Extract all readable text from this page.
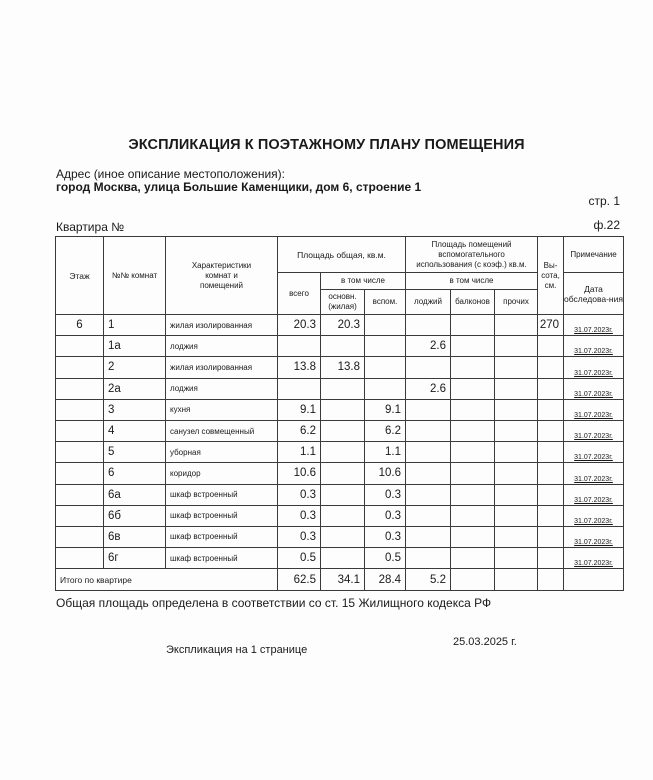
ЭКСПЛИКАЦИЯ К ПОЭТАЖНОМУ ПЛАНУ ПОМЕЩЕНИЯ
Адрес (иное описание местоположения):
город Москва, улица Большие Каменщики, дом 6, строение 1
стр. 1
Квартира №	ф.22
Этаж	№№ комнат	Характеристики комнат и помещений	Площадь общая, кв.м.			Площадь помещений вспомогательного использования (с коэф.) кв.м.			Вы-сота, см.	Примечание
			всего	в том числе		в том числе				Дата обследова-ния
				основн. (жилая)	вспом.	лоджий	балконов	прочих		
6	1	жилая изолированная	20.3	20.3					270	31.07.2023г.
	1а	лоджия				2.6				31.07.2023г.
	2	жилая изолированная	13.8	13.8						31.07.2023г.
	2а	лоджия				2.6				31.07.2023г.
	3	кухня	9.1		9.1					31.07.2023г.
	4	санузел совмещенный	6.2		6.2					31.07.2023г.
	5	уборная	1.1		1.1					31.07.2023г.
	6	коридор	10.6		10.6					31.07.2023г.
	6а	шкаф встроенный	0.3		0.3					31.07.2023г.
	6б	шкаф встроенный	0.3		0.3					31.07.2023г.
	6в	шкаф встроенный	0.3		0.3					31.07.2023г.
	6г	шкаф встроенный	0.5		0.5					31.07.2023г.
Итого по квартире			62.5	34.1	28.4	5.2				
Общая площадь определена в соответствии со ст. 15 Жилищного кодекса РФ
25.03.2025 г.
Экспликация на 1 странице
